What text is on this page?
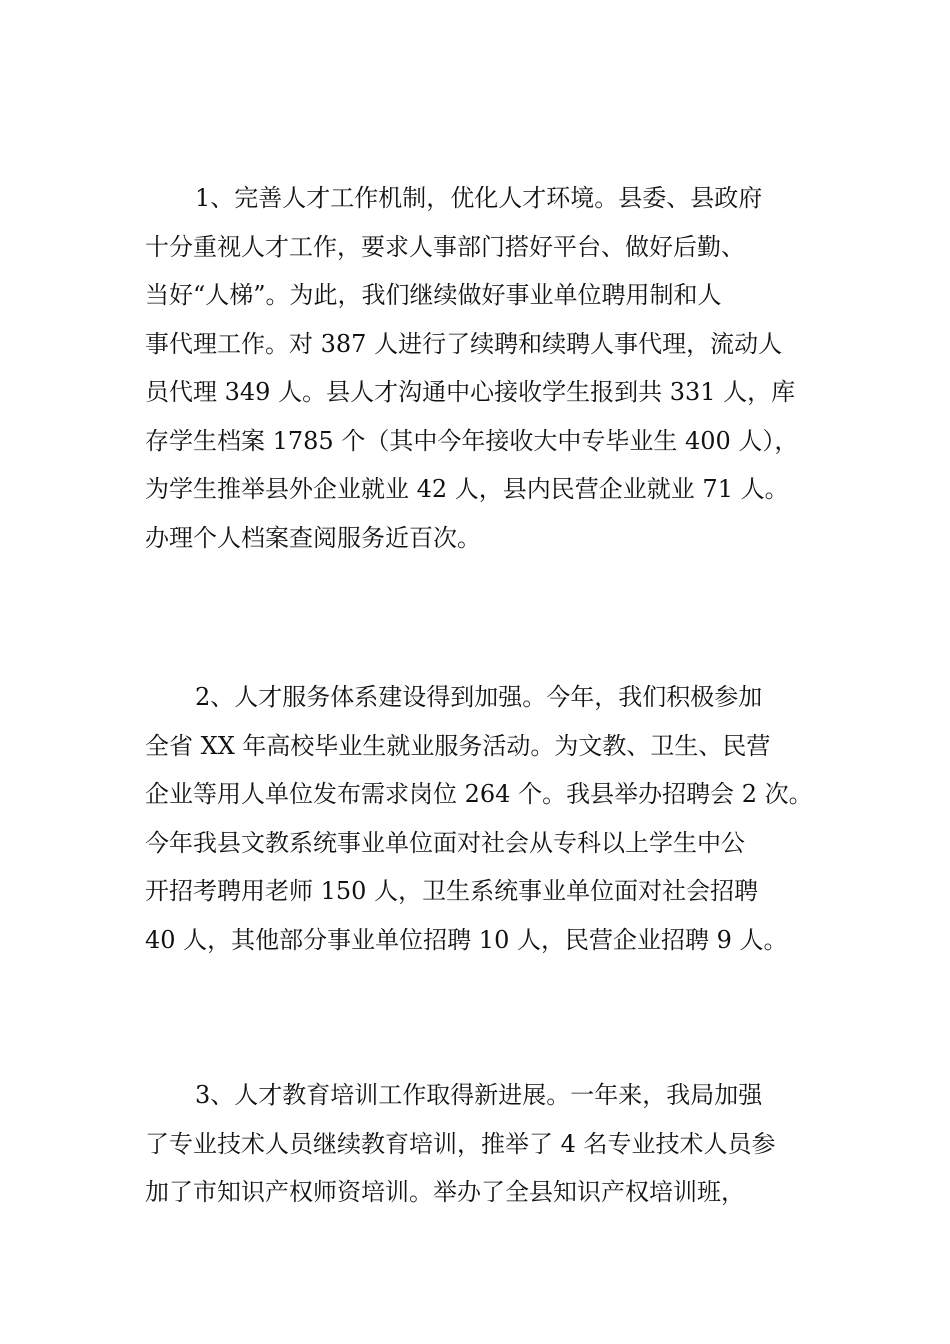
1、完善人才工作机制，优化人才环境。县委、县政府
十分重视人才工作，要求人事部门搭好平台、做好后勤、
当好“人梯”。为此，我们继续做好事业单位聘用制和人
事代理工作。对 387 人进行了续聘和续聘人事代理，流动人
员代理 349 人。县人才沟通中心接收学生报到共 331 人，库
存学生档案 1785 个（其中今年接收大中专毕业生 400 人），
为学生推举县外企业就业 42 人，县内民营企业就业 71 人。
办理个人档案查阅服务近百次。
2、人才服务体系建设得到加强。今年，我们积极参加
全省 XX 年高校毕业生就业服务活动。为文教、卫生、民营
企业等用人单位发布需求岗位 264 个。我县举办招聘会 2 次。
今年我县文教系统事业单位面对社会从专科以上学生中公
开招考聘用老师 150 人，卫生系统事业单位面对社会招聘
40 人，其他部分事业单位招聘 10 人，民营企业招聘 9 人。
3、人才教育培训工作取得新进展。一年来，我局加强
了专业技术人员继续教育培训，推举了 4 名专业技术人员参
加了市知识产权师资培训。举办了全县知识产权培训班，
